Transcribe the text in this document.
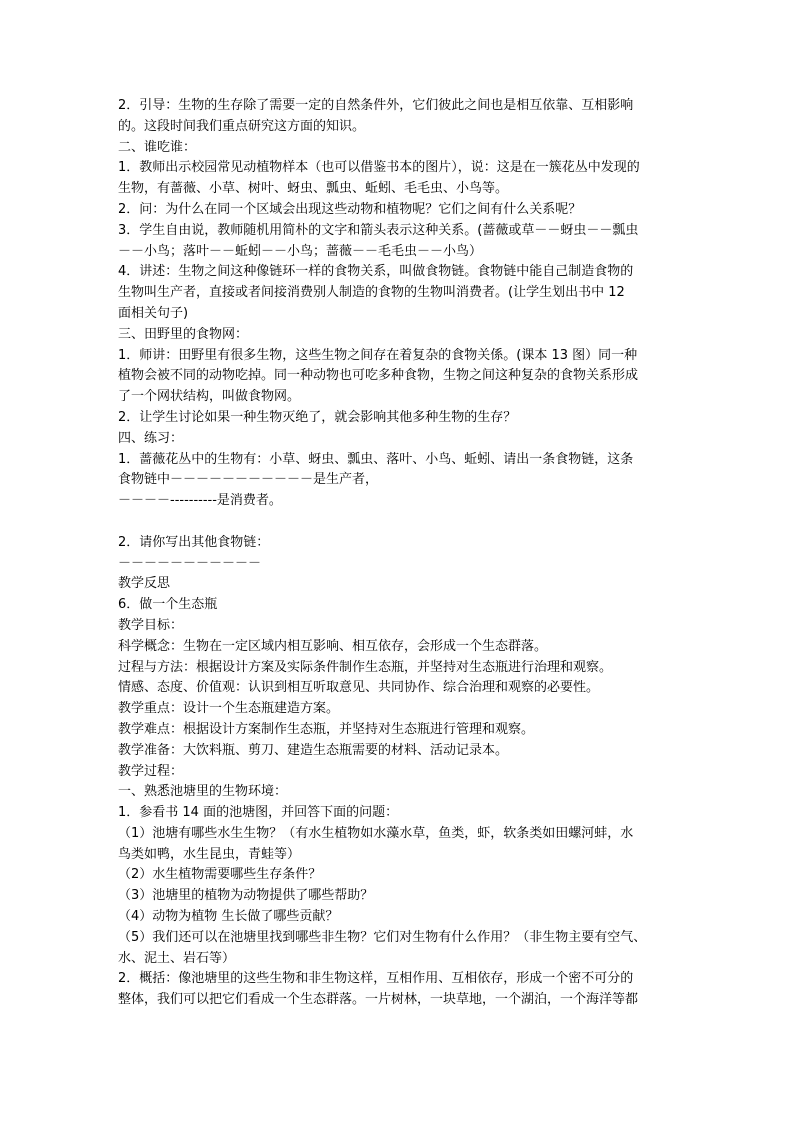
2．引导：生物的生存除了需要一定的自然条件外，它们彼此之间也是相互依靠、互相影响
的。这段时间我们重点研究这方面的知识。
二、谁吃谁：
1．教师出示校园常见动植物样本（也可以借鉴书本的图片），说：这是在一簇花丛中发现的
生物，有蔷薇、小草、树叶、蚜虫、瓢虫、蚯蚓、毛毛虫、小鸟等。
2．问：为什么在同一个区域会出现这些动物和植物呢？它们之间有什么关系呢？
3．学生自由说，教师随机用简朴的文字和箭头表示这种关系。(蔷薇或草－－蚜虫－－瓢虫
－－小鸟；落叶－－蚯蚓－－小鸟；蔷薇－－毛毛虫－－小鸟）
4．讲述：生物之间这种像链环一样的食物关系，叫做食物链。食物链中能自己制造食物的
生物叫生产者，直接或者间接消费别人制造的食物的生物叫消费者。(让学生划出书中 12
面相关句子)
三、田野里的食物网：
1．师讲：田野里有很多生物，这些生物之间存在着复杂的食物关係。(课本 13 图）同一种
植物会被不同的动物吃掉。同一种动物也可吃多种食物，生物之间这种复杂的食物关系形成
了一个网状结构，叫做食物网。
2．让学生讨论如果一种生物灭绝了，就会影响其他多种生物的生存？
四、练习：
1．蔷薇花丛中的生物有：小草、蚜虫、瓢虫、落叶、小鸟、蚯蚓、请出一条食物链，这条
食物链中－－－－－－－－－－－是生产者，
－－－－----------是消费者。
2．请你写出其他食物链：
－－－－－－－－－－－
教学反思
6．做一个生态瓶
教学目标：
科学概念：生物在一定区域内相互影响、相互依存，会形成一个生态群落。
过程与方法：根据设计方案及实际条件制作生态瓶，并坚持对生态瓶进行治理和观察。
情感、态度、价值观：认识到相互听取意见、共同协作、综合治理和观察的必要性。
教学重点：设计一个生态瓶建造方案。
教学难点：根据设计方案制作生态瓶，并坚持对生态瓶进行管理和观察。
教学准备：大饮料瓶、剪刀、建造生态瓶需要的材料、活动记录本。
教学过程：
一、熟悉池塘里的生物环境：
1．参看书 14 面的池塘图，并回答下面的问题：
（1）池塘有哪些水生生物？（有水生植物如水藻水草，鱼类，虾，软条类如田螺河蚌，水
鸟类如鸭，水生昆虫，青蛙等）
（2）水生植物需要哪些生存条件？
（3）池塘里的植物为动物提供了哪些帮助？
（4）动物为植物 生长做了哪些贡献？
（5）我们还可以在池塘里找到哪些非生物？它们对生物有什么作用？（非生物主要有空气、
水、泥土、岩石等）
2．概括：像池塘里的这些生物和非生物这样，互相作用、互相依存，形成一个密不可分的
整体，我们可以把它们看成一个生态群落。一片树林，一块草地，一个湖泊，一个海洋等都
